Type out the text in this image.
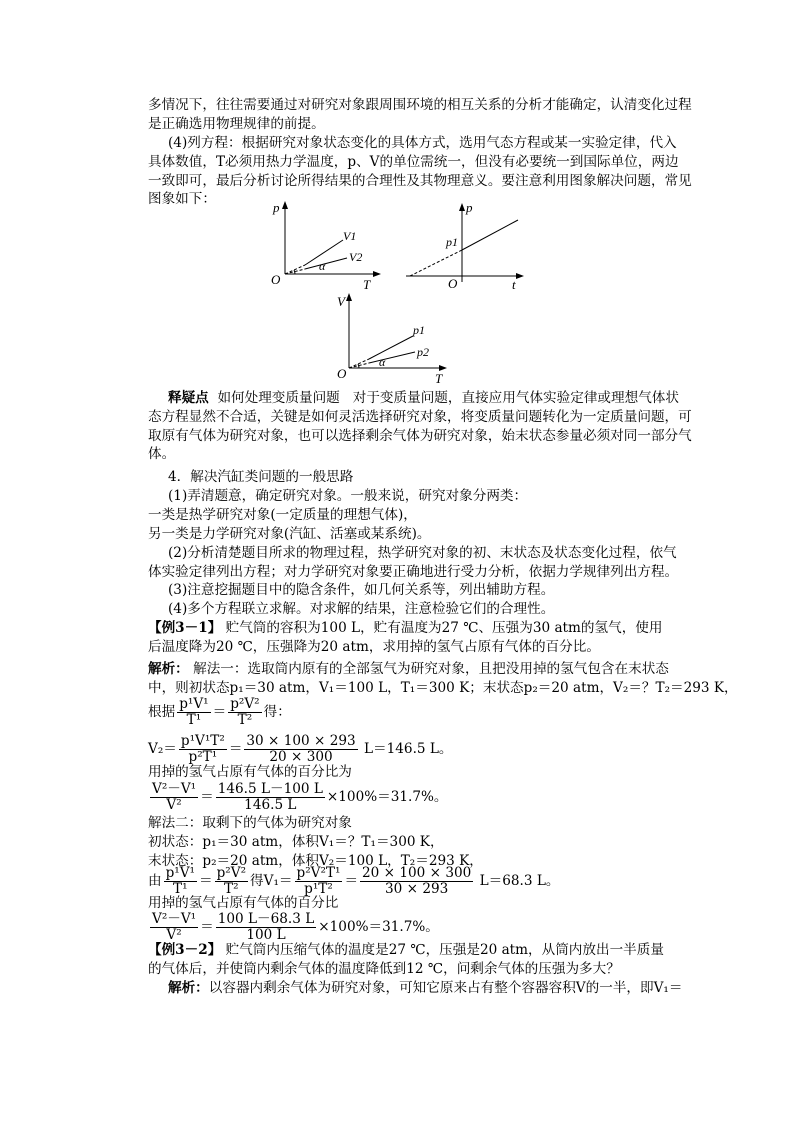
多情况下，往往需要通过对研究对象跟周围环境的相互关系的分析才能确定，认清变化过程
是正确选用物理规律的前提。
(4)列方程：根据研究对象状态变化的具体方式，选用气态方程或某一实验定律，代入
具体数值，T必须用热力学温度，p、V的单位需统一，但没有必要统一到国际单位，两边
一致即可，最后分析讨论所得结果的合理性及其物理意义。要注意利用图象解决问题，常见
图象如下：
p
O	T
V1
V2
α
p
O	t
p1
V
O	T
p1
p2
α
释疑点 如何处理变质量问题 对于变质量问题，直接应用气体实验定律或理想气体状
态方程显然不合适，关键是如何灵活选择研究对象，将变质量问题转化为一定质量问题，可
取原有气体为研究对象，也可以选择剩余气体为研究对象，始末状态参量必须对同一部分气
体。
4．解决汽缸类问题的一般思路
(1)弄清题意，确定研究对象。一般来说，研究对象分两类：
一类是热学研究对象(一定质量的理想气体)，
另一类是力学研究对象(汽缸、活塞或某系统)。
(2)分析清楚题目所求的物理过程，热学研究对象的初、末状态及状态变化过程，依气
体实验定律列出方程；对力学研究对象要正确地进行受力分析，依据力学规律列出方程。
(3)注意挖掘题目中的隐含条件，如几何关系等，列出辅助方程。
(4)多个方程联立求解。对求解的结果，注意检验它们的合理性。
【例3－1】 贮气筒的容积为100 L，贮有温度为27 ℃、压强为30 atm的氢气，使用
后温度降为20 ℃，压强降为20 atm，求用掉的氢气占原有气体的百分比。
解析： 解法一：选取筒内原有的全部氢气为研究对象，且把没用掉的氢气包含在末状态
中，则初状态p₁＝30 atm，V₁＝100 L，T₁＝300 K；末状态p₂＝20 atm，V₂＝？T₂＝293 K，
根据 $\frac{\text{p¹V¹}}{\text{T¹}} = \frac{\text{p²V²}}{\text{T²}}$ 得：
$V_2= \frac{\text{p¹V¹T²}}{\text{p²T¹}} = \frac{30 \times 100 \times 293}{20 \times 300} L=146.5$ L。
用掉的氢气占原有气体的百分比为
$\frac{\text{V²－V¹}}{\text{V²}} = \frac{146.5 L-100 L}{146.5 L} \times 100\%=31.7\%$。
解法二：取剩下的气体为研究对象
初状态：p₁＝30 atm，体积V₁＝？T₁＝300 K，
末状态：p₂＝20 atm，体积V₂＝100 L，T₂＝293 K，
由 $\frac{\text{p¹V¹}}{\text{T¹}} = \frac{\text{p²V²}}{\text{T²}}$ 得$V_1= \frac{\text{p²V²T¹}}{\text{p¹T²}} = \frac{20 \times 100 \times 300}{30 \times 293} L=68.3$ L。
用掉的氢气占原有气体的百分比
$\frac{\text{V²－V¹}}{\text{V²}} = \frac{100 L-68.3 L}{100 L} \times 100\%=31.7\%$。
【例3－2】 贮气筒内压缩气体的温度是27 ℃，压强是20 atm，从筒内放出一半质量
的气体后，并使筒内剩余气体的温度降低到12 ℃，问剩余气体的压强为多大？
解析：以容器内剩余气体为研究对象，可知它原来占有整个容器容积V的一半，即V₁＝
